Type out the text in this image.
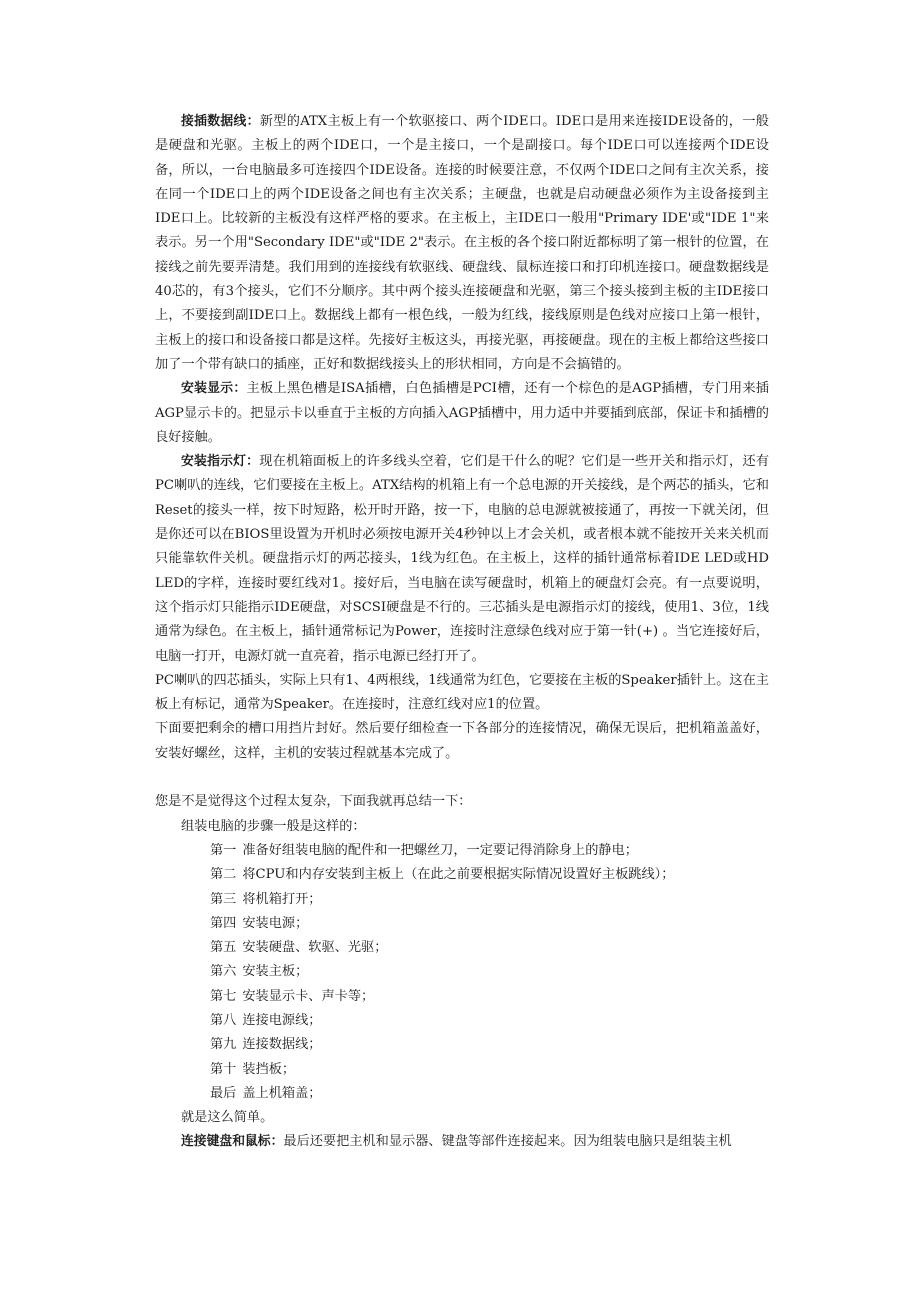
接插数据线：新型的ATX主板上有一个软驱接口、两个IDE口。IDE口是用来连接IDE设备的，一般是硬盘和光驱。主板上的两个IDE口，一个是主接口，一个是副接口。每个IDE口可以连接两个IDE设备，所以，一台电脑最多可连接四个IDE设备。连接的时候要注意，不仅两个IDE口之间有主次关系，接在同一个IDE口上的两个IDE设备之间也有主次关系；主硬盘，也就是启动硬盘必须作为主设备接到主IDE口上。比较新的主板没有这样严格的要求。在主板上，主IDE口一般用"Primary IDE'或"IDE 1"来表示。另一个用"Secondary IDE"或"IDE 2"表示。在主板的各个接口附近都标明了第一根针的位置，在接线之前先要弄清楚。我们用到的连接线有软驱线、硬盘线、鼠标连接口和打印机连接口。硬盘数据线是40芯的，有3个接头，它们不分顺序。其中两个接头连接硬盘和光驱，第三个接头接到主板的主IDE接口上，不要接到副IDE口上。数据线上都有一根色线，一般为红线，接线原则是色线对应接口上第一根针，主板上的接口和设备接口都是这样。先接好主板这头，再接光驱，再接硬盘。现在的主板上都给这些接口加了一个带有缺口的插座，正好和数据线接头上的形状相同，方向是不会搞错的。

安装显示：主板上黑色槽是ISA插槽，白色插槽是PCI槽，还有一个棕色的是AGP插槽，专门用来插AGP显示卡的。把显示卡以垂直于主板的方向插入AGP插槽中，用力适中并要插到底部，保证卡和插槽的良好接触。

安装指示灯：现在机箱面板上的许多线头空着，它们是干什么的呢？它们是一些开关和指示灯，还有PC喇叭的连线，它们要接在主板上。ATX结构的机箱上有一个总电源的开关接线，是个两芯的插头，它和Reset的接头一样，按下时短路，松开时开路，按一下，电脑的总电源就被接通了，再按一下就关闭，但是你还可以在BIOS里设置为开机时必须按电源开关4秒钟以上才会关机，或者根本就不能按开关来关机而只能靠软件关机。硬盘指示灯的两芯接头，1线为红色。在主板上，这样的插针通常标着IDE LED或HD LED的字样，连接时要红线对1。接好后，当电脑在读写硬盘时，机箱上的硬盘灯会亮。有一点要说明，这个指示灯只能指示IDE硬盘，对SCSI硬盘是不行的。三芯插头是电源指示灯的接线，使用1、3位，1线通常为绿色。在主板上，插针通常标记为Power，连接时注意绿色线对应于第一针(+) 。当它连接好后，电脑一打开，电源灯就一直亮着，指示电源已经打开了。

PC喇叭的四芯插头，实际上只有1、4两根线，1线通常为红色，它要接在主板的Speaker插针上。这在主板上有标记，通常为Speaker。在连接时，注意红线对应1的位置。

下面要把剩余的槽口用挡片封好。然后要仔细检查一下各部分的连接情况，确保无误后，把机箱盖盖好，安装好螺丝，这样，主机的安装过程就基本完成了。

您是不是觉得这个过程太复杂，下面我就再总结一下：

组装电脑的步骤一般是这样的：

第一 准备好组装电脑的配件和一把螺丝刀，一定要记得消除身上的静电；
第二 将CPU和内存安装到主板上（在此之前要根据实际情况设置好主板跳线）；
第三 将机箱打开；
第四 安装电源；
第五 安装硬盘、软驱、光驱；
第六 安装主板；
第七 安装显示卡、声卡等；
第八 连接电源线；
第九 连接数据线；
第十 装挡板；
最后 盖上机箱盖；

就是这么简单。

连接键盘和鼠标：最后还要把主机和显示器、键盘等部件连接起来。因为组装电脑只是组装主机
